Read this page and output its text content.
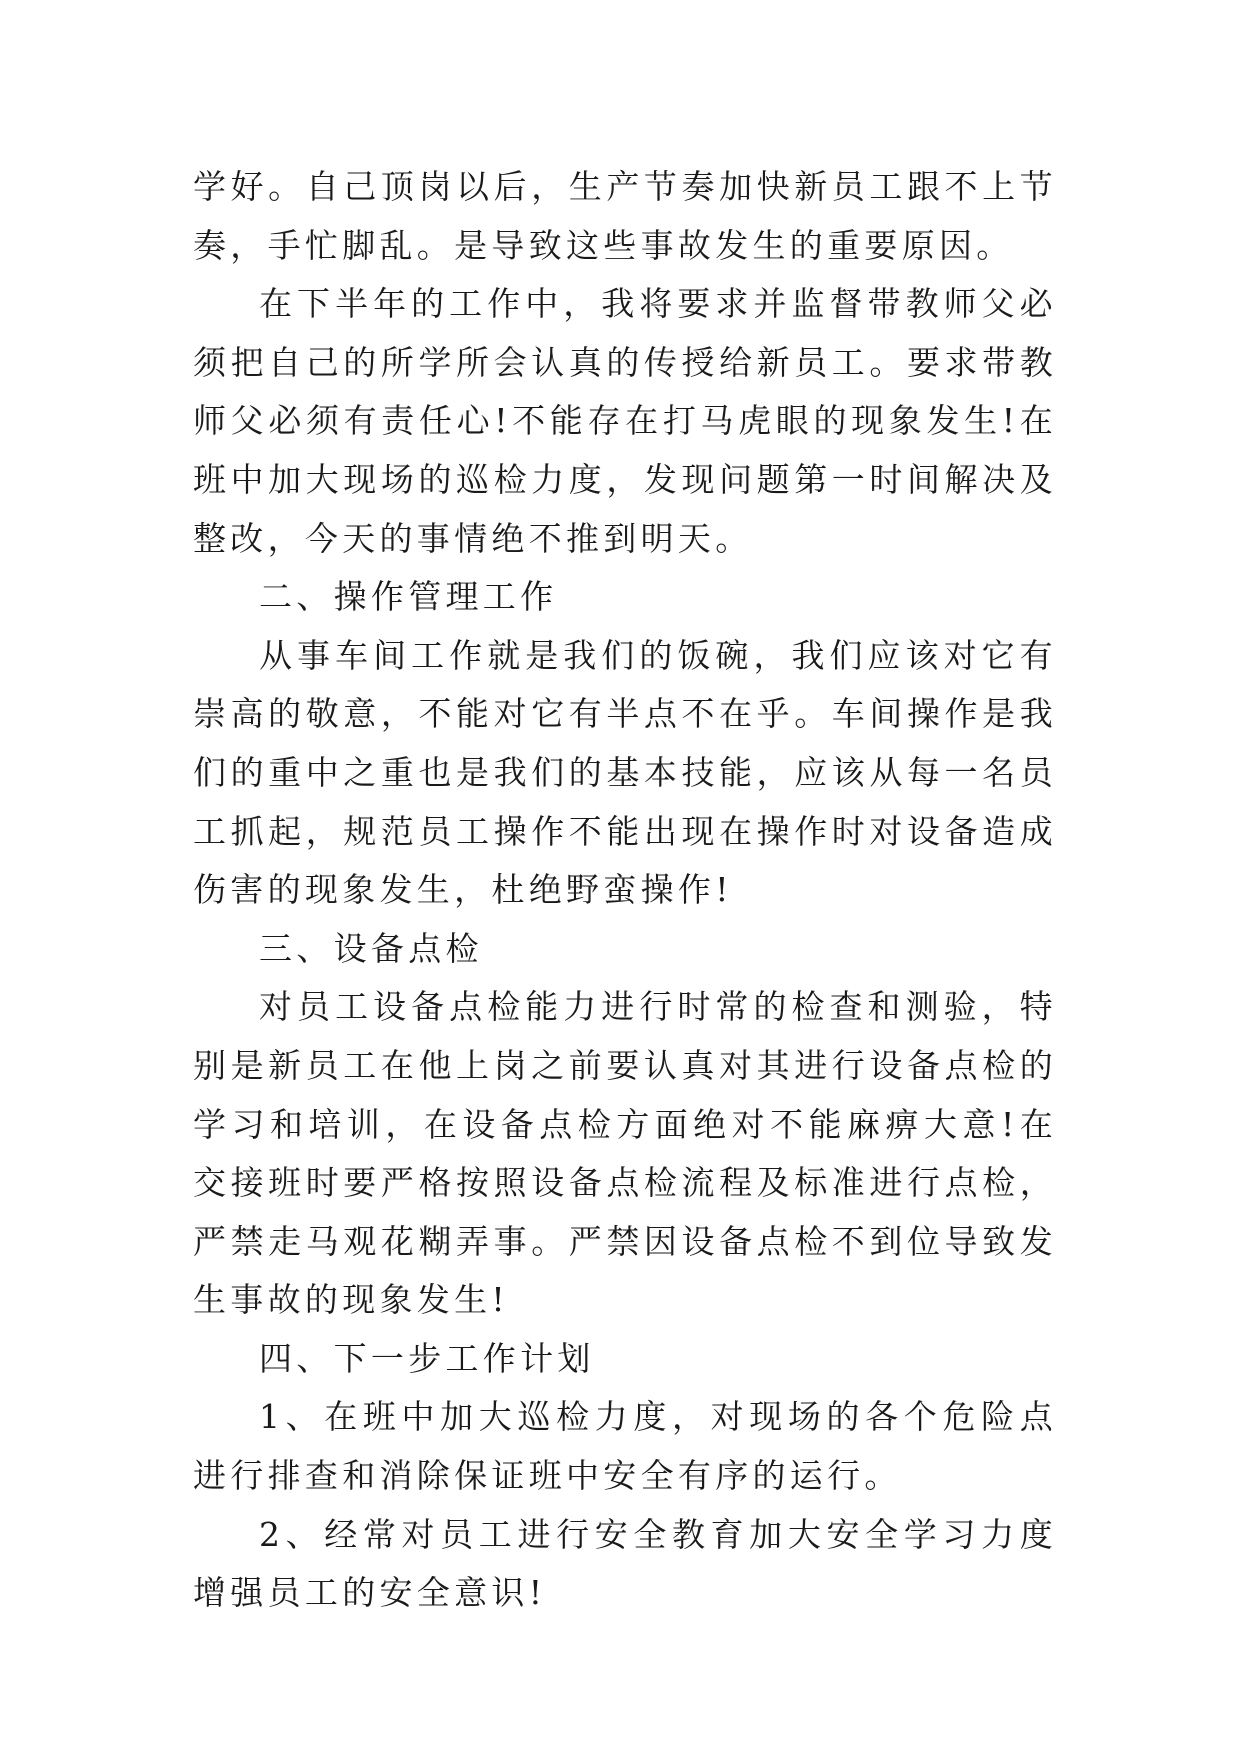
学好。自己顶岗以后，生产节奏加快新员工跟不上节奏，手忙脚乱。是导致这些事故发生的重要原因。

在下半年的工作中，我将要求并监督带教师父必须把自己的所学所会认真的传授给新员工。要求带教师父必须有责任心!不能存在打马虎眼的现象发生!在班中加大现场的巡检力度，发现问题第一时间解决及整改，今天的事情绝不推到明天。

二、操作管理工作

从事车间工作就是我们的饭碗，我们应该对它有崇高的敬意，不能对它有半点不在乎。车间操作是我们的重中之重也是我们的基本技能，应该从每一名员工抓起，规范员工操作不能出现在操作时对设备造成伤害的现象发生，杜绝野蛮操作!

三、设备点检

对员工设备点检能力进行时常的检查和测验，特别是新员工在他上岗之前要认真对其进行设备点检的学习和培训，在设备点检方面绝对不能麻痹大意!在交接班时要严格按照设备点检流程及标准进行点检，严禁走马观花糊弄事。严禁因设备点检不到位导致发生事故的现象发生!

四、下一步工作计划

1、在班中加大巡检力度，对现场的各个危险点进行排查和消除保证班中安全有序的运行。

2、经常对员工进行安全教育加大安全学习力度增强员工的安全意识!
